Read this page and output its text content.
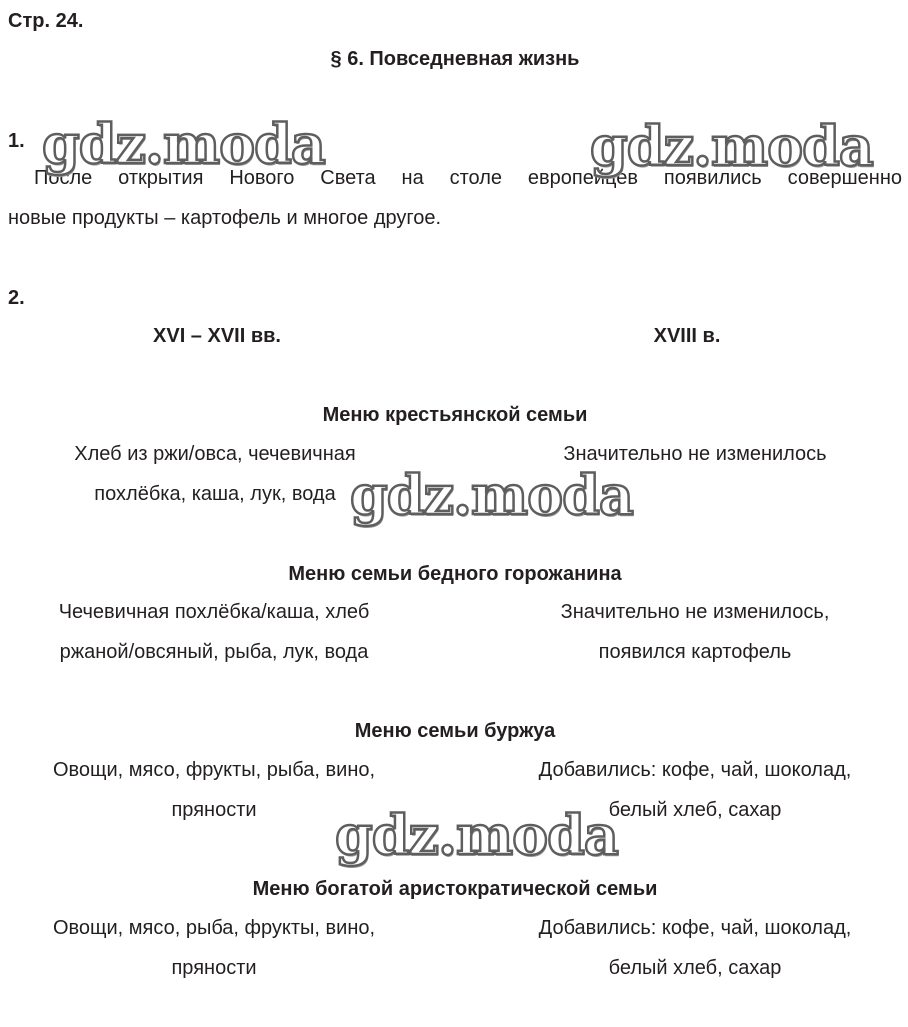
Стр. 24.
§ 6. Повседневная жизнь
1.
После открытия Нового Света на столе европейцев появились совершенно
новые продукты – картофель и многое другое.
2.
XVI – XVII вв.	XVIII в.
Меню крестьянской семьи
Хлеб из ржи/овса, чечевичная
похлёбка, каша, лук, вода
Значительно не изменилось
Меню семьи бедного горожанина
Чечевичная похлёбка/каша, хлеб
ржаной/овсяный, рыба, лук, вода
Значительно не изменилось,
появился картофель
Меню семьи буржуа
Овощи, мясо, фрукты, рыба, вино,
пряности
Добавились: кофе, чай, шоколад,
белый хлеб, сахар
Меню богатой аристократической семьи
Овощи, мясо, рыба, фрукты, вино,
пряности
Добавились: кофе, чай, шоколад,
белый хлеб, сахар
gdz.moda	gdz.moda
gdz.moda
gdz.moda
